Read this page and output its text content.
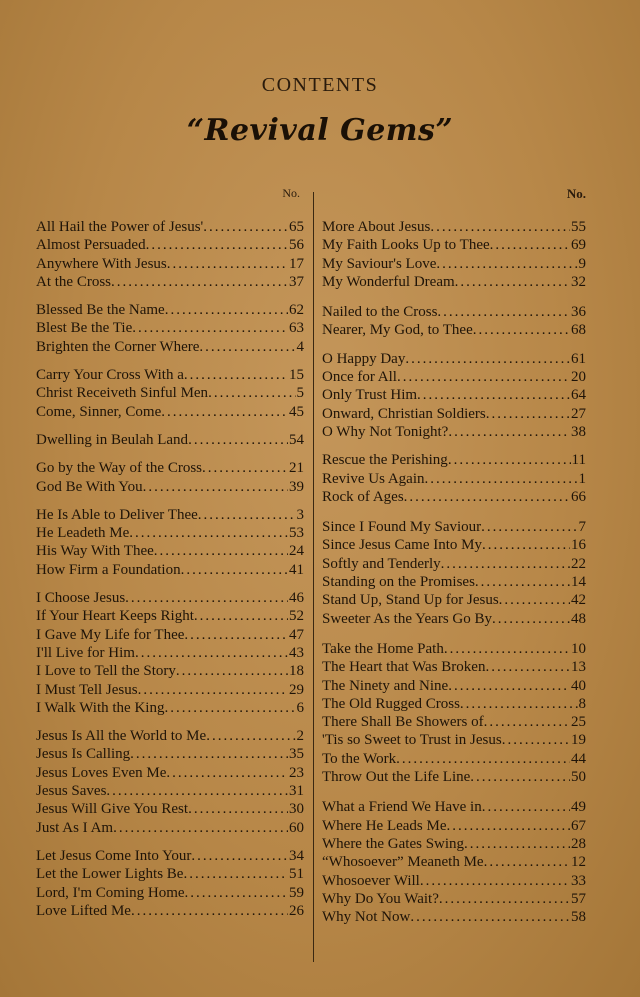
CONTENTS
“Revival Gems”
No.
All Hail the Power of Jesus' .....	65
Almost Persuaded .....	56
Anywhere With Jesus .....	17
At the Cross .....	37
Blessed Be the Name .....	62
Blest Be the Tie .....	63
Brighten the Corner Where .....	4
Carry Your Cross With a .....	15
Christ Receiveth Sinful Men .....	5
Come, Sinner, Come .....	45
Dwelling in Beulah Land .....	54
Go by the Way of the Cross .....	21
God Be With You .....	39
He Is Able to Deliver Thee .....	3
He Leadeth Me .....	53
His Way With Thee .....	24
How Firm a Foundation .....	41
I Choose Jesus .....	46
If Your Heart Keeps Right .....	52
I Gave My Life for Thee .....	47
I'll Live for Him .....	43
I Love to Tell the Story .....	18
I Must Tell Jesus .....	29
I Walk With the King .....	6
Jesus Is All the World to Me .....	2
Jesus Is Calling .....	35
Jesus Loves Even Me .....	23
Jesus Saves .....	31
Jesus Will Give You Rest .....	30
Just As I Am .....	60
Let Jesus Come Into Your .....	34
Let the Lower Lights Be .....	51
Lord, I'm Coming Home .....	59
Love Lifted Me .....	26
No.
More About Jesus .....	55
My Faith Looks Up to Thee .....	69
My Saviour's Love .....	9
My Wonderful Dream .....	32
Nailed to the Cross .....	36
Nearer, My God, to Thee .....	68
O Happy Day .....	61
Once for All .....	20
Only Trust Him .....	64
Onward, Christian Soldiers .....	27
O Why Not Tonight? .....	38
Rescue the Perishing .....	11
Revive Us Again .....	1
Rock of Ages .....	66
Since I Found My Saviour .....	7
Since Jesus Came Into My .....	16
Softly and Tenderly .....	22
Standing on the Promises .....	14
Stand Up, Stand Up for Jesus .....	42
Sweeter As the Years Go By .....	48
Take the Home Path .....	10
The Heart that Was Broken .....	13
The Ninety and Nine .....	40
The Old Rugged Cross .....	8
There Shall Be Showers of .....	25
'Tis so Sweet to Trust in Jesus .....	19
To the Work .....	44
Throw Out the Life Line .....	50
What a Friend We Have in .....	49
Where He Leads Me .....	67
Where the Gates Swing .....	28
“Whosoever” Meaneth Me .....	12
Whosoever Will .....	33
Why Do You Wait? .....	57
Why Not Now .....	58
